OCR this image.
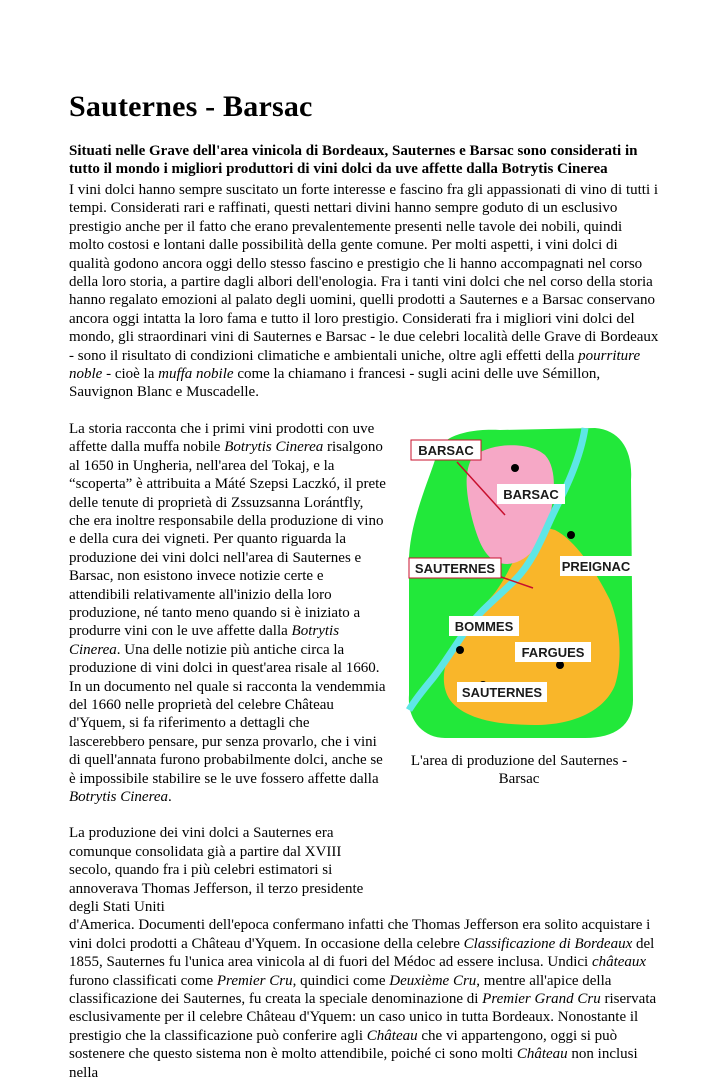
Sauternes - Barsac
Situati nelle Grave dell'area vinicola di Bordeaux, Sauternes e Barsac sono considerati in tutto il mondo i migliori produttori di vini dolci da uve affette dalla Botrytis Cinerea

I vini dolci hanno sempre suscitato un forte interesse e fascino fra gli appassionati di vino di tutti i tempi. Considerati rari e raffinati, questi nettari divini hanno sempre goduto di un esclusivo prestigio anche per il fatto che erano prevalentemente presenti nelle tavole dei nobili, quindi molto costosi e lontani dalle possibilità della gente comune. Per molti aspetti, i vini dolci di qualità godono ancora oggi dello stesso fascino e prestigio che li hanno accompagnati nel corso della loro storia, a partire dagli albori dell'enologia. Fra i tanti vini dolci che nel corso della storia hanno regalato emozioni al palato degli uomini, quelli prodotti a Sauternes e a Barsac conservano ancora oggi intatta la loro fama e tutto il loro prestigio. Considerati fra i migliori vini dolci del mondo, gli straordinari vini di Sauternes e Barsac - le due celebri località delle Grave di Bordeaux - sono il risultato di condizioni climatiche e ambientali uniche, oltre agli effetti della pourriture noble - cioè la muffa nobile come la chiamano i francesi - sugli acini delle uve Sémillon, Sauvignon Blanc e Muscadelle.

La storia racconta che i primi vini prodotti con uve affette dalla muffa nobile Botrytis Cinerea risalgono al 1650 in Ungheria, nell'area del Tokaj, e la “scoperta” è attribuita a Máté Szepsi Laczkó, il prete delle tenute di proprietà di Zssuzsanna Lorántfly, che era inoltre responsabile della produzione di vino e della cura dei vigneti. Per quanto riguarda la produzione dei vini dolci nell'area di Sauternes e Barsac, non esistono invece notizie certe e attendibili relativamente all'inizio della loro produzione, né tanto meno quando si è iniziato a produrre vini con le uve affette dalla Botrytis Cinerea. Una delle notizie più antiche circa la produzione di vini dolci in quest'area risale al 1660. In un documento nel quale si racconta la vendemmia del 1660 nelle proprietà del celebre Château d'Yquem, si fa riferimento a dettagli che lascerebbero pensare, pur senza provarlo, che i vini di quell'annata furono probabilmente dolci, anche se è impossibile stabilire se le uve fossero affette dalla Botrytis Cinerea.

La produzione dei vini dolci a Sauternes era comunque consolidata già a partire dal XVIII secolo, quando fra i più celebri estimatori si annoverava Thomas Jefferson, il terzo presidente degli Stati Uniti
d'America. Documenti dell'epoca confermano infatti che Thomas Jefferson era solito acquistare i vini dolci prodotti a Château d'Yquem. In occasione della celebre Classificazione di Bordeaux del 1855, Sauternes fu l'unica area vinicola al di fuori del Médoc ad essere inclusa. Undici châteaux furono classificati come Premier Cru, quindici come Deuxième Cru, mentre all'apice della classificazione dei Sauternes, fu creata la speciale denominazione di Premier Grand Cru riservata esclusivamente per il celebre Château d'Yquem: un caso unico in tutta Bordeaux. Nonostante il prestigio che la classificazione può conferire agli Château che vi appartengono, oggi si può sostenere che questo sistema non è molto attendibile, poiché ci sono molti Château non inclusi nella

BARSAC
BARSAC
PREIGNAC
SAUTERNES
BOMMES
FARGUES
SAUTERNES
L'area di produzione del Sauternes - Barsac
